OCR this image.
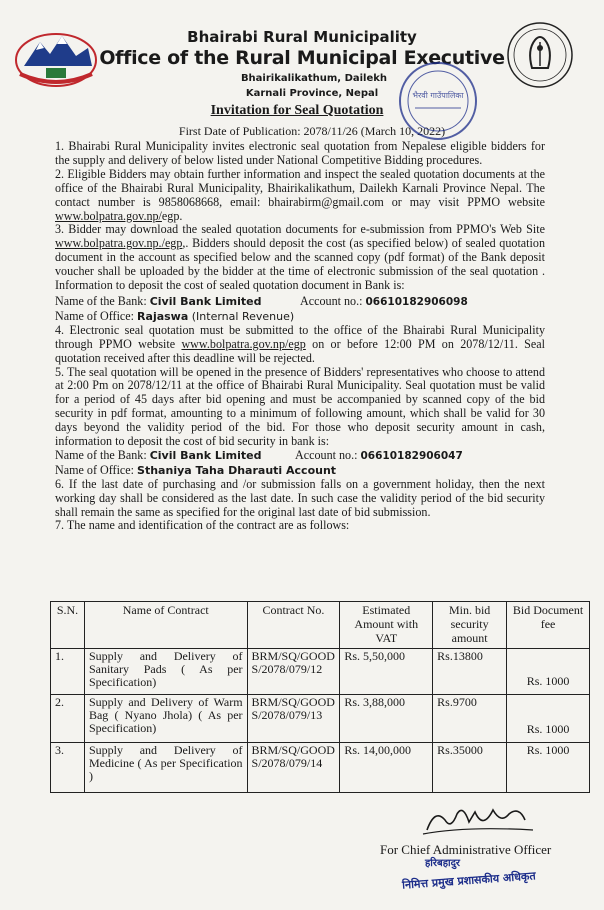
Bhairabi Rural Municipality
Office of the Rural Municipal Executive
Bhairikalikathum, Dailekh
Karnali Province, Nepal
Invitation for Seal Quotation
First Date of Publication: 2078/11/26 (March 10, 2022)
भैरवी गाउँपालिका

1. Bhairabi Rural Municipality invites electronic seal quotation from Nepalese eligible bidders for the supply and delivery of below listed under National Competitive Bidding procedures.

2. Eligible Bidders may obtain further information and inspect the sealed quotation documents at the office of the Bhairabi Rural Municipality, Bhairikalikathum, Dailekh Karnali Province Nepal. The contact number is 9858068668, email: bhairabirm@gmail.com or may visit PPMO website www.bolpatra.gov.np/egp.

3. Bidder may download the sealed quotation documents for e-submission from PPMO's Web Site www.bolpatra.gov.np./egp,. Bidders should deposit the cost (as specified below) of sealed quotation document in the account as specified below and the scanned copy (pdf format) of the Bank deposit voucher shall be uploaded by the bidder at the time of electronic submission of the seal quotation . Information to deposit the cost of sealed quotation document in Bank is:

Name of the Bank: Civil Bank Limited	Account no.: 06610182906098

Name of Office: Rajaswa (Internal Revenue)

4. Electronic seal quotation must be submitted to the office of the Bhairabi Rural Municipality through PPMO website www.bolpatra.gov.np/egp on or before 12:00 PM on 2078/12/11. Seal quotation received after this deadline will be rejected.

5. The seal quotation will be opened in the presence of Bidders' representatives who choose to attend at 2:00 Pm on 2078/12/11 at the office of Bhairabi Rural Municipality. Seal quotation must be valid for a period of 45 days after bid opening and must be accompanied by scanned copy of the bid security in pdf format, amounting to a minimum of following amount, which shall be valid for 30 days beyond the validity period of the bid. For those who deposit security amount in cash, information to deposit the cost of bid security in bank is:

Name of the Bank: Civil Bank Limited	Account no.: 06610182906047

Name of Office: Sthaniya Taha Dharauti Account

6. If the last date of purchasing and /or submission falls on a government holiday, then the next working day shall be considered as the last date. In such case the validity period of the bid security shall remain the same as specified for the original last date of bid submission.

7. The name and identification of the contract are as follows:

S.N.	Name of Contract	Contract No.	Estimated Amount with VAT	Min. bid security amount	Bid Document fee
1.	Supply and Delivery of Sanitary Pads ( As per Specification)	BRM/SQ/GOODS/2078/079/12	Rs. 5,50,000	Rs.13800	Rs. 1000
2.	Supply and Delivery of Warm Bag ( Nyano Jhola) ( As per Specification)	BRM/SQ/GOODS/2078/079/13	Rs. 3,88,000	Rs.9700	Rs. 1000
3.	Supply and Delivery of Medicine ( As per Specification )	BRM/SQ/GOODS/2078/079/14	Rs. 14,00,000	Rs.35000	Rs. 1000
For Chief Administrative Officer
हरिबहादुर
निमित्त प्रमुख प्रशासकीय अधिकृत
